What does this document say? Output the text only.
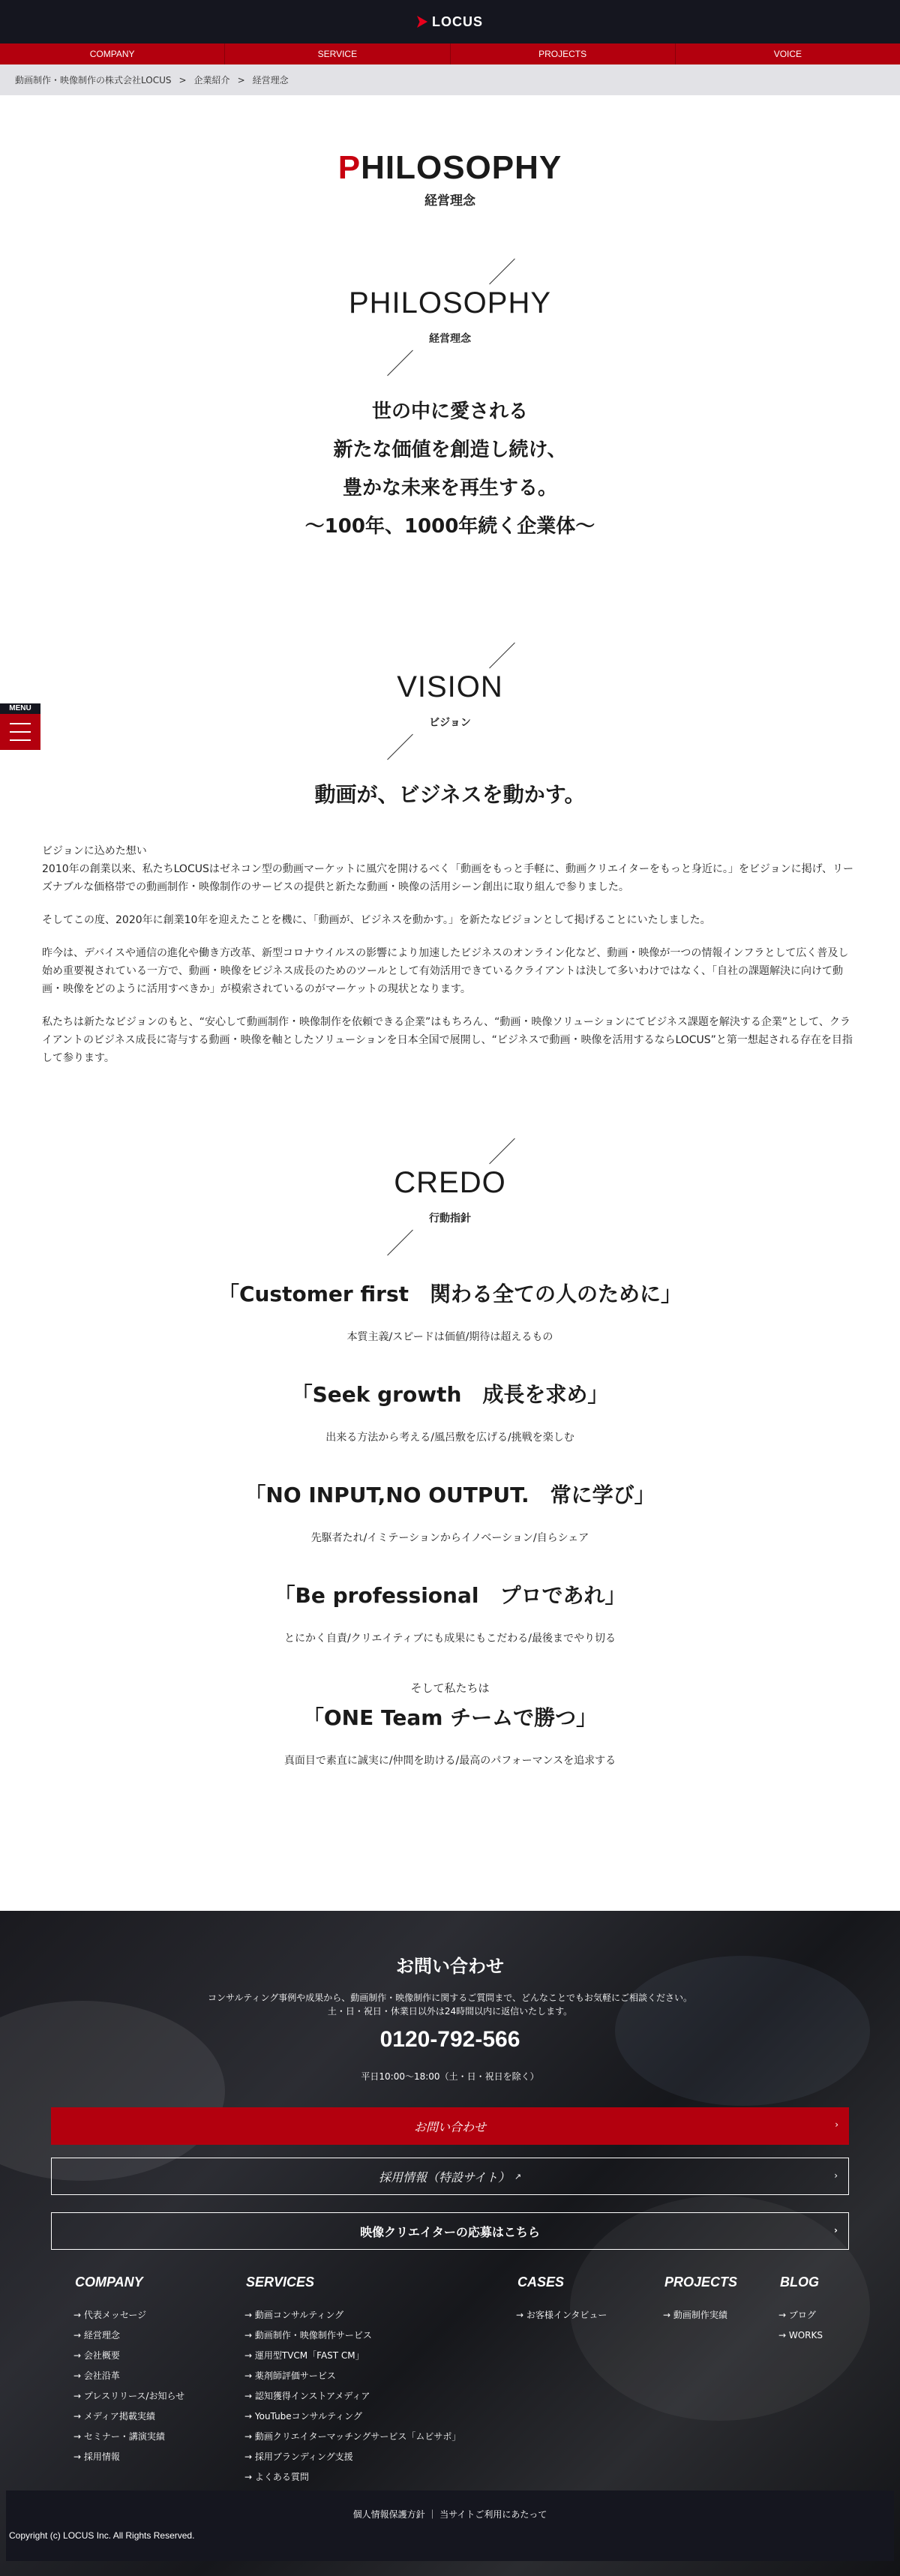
LOCUS
COMPANY	SERVICE	PROJECTS	VOICE
動画制作・映像制作の株式会社LOCUS > 企業紹介 > 経営理念
PHILOSOPHY
経営理念
PHILOSOPHY
経営理念

世の中に愛される

新たな価値を創造し続け、

豊かな未来を再生する。

〜100年、1000年続く企業体〜

VISION
ビジョン
動画が、ビジネスを動かす。
ビジョンに込めた想い

2010年の創業以来、私たちLOCUSはゼネコン型の動画マーケットに風穴を開けるべく「動画をもっと手軽に、動画クリエイターをもっと身近に。」をビジョンに掲げ、リーズナブルな価格帯での動画制作・映像制作のサービスの提供と新たな動画・映像の活用シーン創出に取り組んで参りました。

そしてこの度、2020年に創業10年を迎えたことを機に、「動画が、ビジネスを動かす。」を新たなビジョンとして掲げることにいたしました。

昨今は、デバイスや通信の進化や働き方改革、新型コロナウイルスの影響により加速したビジネスのオンライン化など、動画・映像が一つの情報インフラとして広く普及し始め重要視されている一方で、動画・映像をビジネス成長のためのツールとして有効活用できているクライアントは決して多いわけではなく、「自社の課題解決に向けて動画・映像をどのように活用すべきか」が模索されているのがマーケットの現状となります。

私たちは新たなビジョンのもと、“安心して動画制作・映像制作を依頼できる企業”はもちろん、“動画・映像ソリューションにてビジネス課題を解決する企業”として、クライアントのビジネス成長に寄与する動画・映像を軸としたソリューションを日本全国で展開し、“ビジネスで動画・映像を活用するならLOCUS”と第一想起される存在を目指して参ります。

CREDO
行動指針
「Customer first　関わる全ての人のために」
本質主義/スピードは価値/期待は超えるもの
「Seek growth　成長を求め」
出来る方法から考える/風呂敷を広げる/挑戦を楽しむ
「NO INPUT,NO OUTPUT.　常に学び」
先駆者たれ/イミテーションからイノベーション/自らシェア
「Be professional　プロであれ」
とにかく自責/クリエイティブにも成果にもこだわる/最後までやり切る
そして私たちは
「ONE Team チームで勝つ」
真面目で素直に誠実に/仲間を助ける/最高のパフォーマンスを追求する
お問い合わせ
コンサルティング事例や成果から、動画制作・映像制作に関するご質問まで、どんなことでもお気軽にご相談ください。
土・日・祝日・休業日以外は24時間以内に返信いたします。
0120-792-566
平日10:00〜18:00（土・日・祝日を除く）
お問い合わせ	›
採用情報（特設サイト） ↗	›
映像クリエイターの応募はこちら	›
COMPANY
→ 代表メッセージ
→ 経営理念
→ 会社概要
→ 会社沿革
→ プレスリリース/お知らせ
→ メディア掲載実績
→ セミナー・講演実績
→ 採用情報
SERVICES
→ 動画コンサルティング
→ 動画制作・映像制作サービス
→ 運用型TVCM「FAST CM」
→ 薬剤師評価サービス
→ 認知獲得インストアメディア
→ YouTubeコンサルティング
→ 動画クリエイターマッチングサービス「ムビサポ」
→ 採用ブランディング支援
→ よくある質問
CASES
→ お客様インタビュー
PROJECTS
→ 動画制作実績
BLOG
→ ブログ
→ WORKS
個人情報保護方針 ｜ 当サイトご利用にあたって
Copyright (c) LOCUS Inc. All Rights Reserved.
MENU
